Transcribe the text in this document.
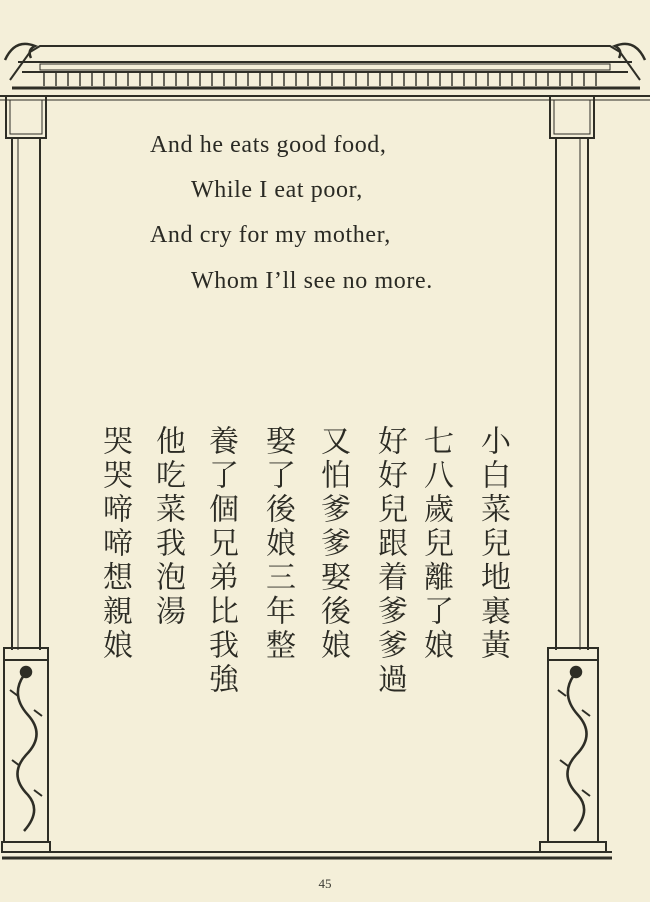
And he eats good food,
While I eat poor,
And cry for my mother,
Whom I’ll see no more.
小白菜兒地裏黃
七八歲兒離了娘
好好兒跟着爹爹過
又怕爹爹娶後娘
娶了後娘三年整
養了個兄弟比我強
他吃菜我泡湯
哭哭啼啼想親娘
45
